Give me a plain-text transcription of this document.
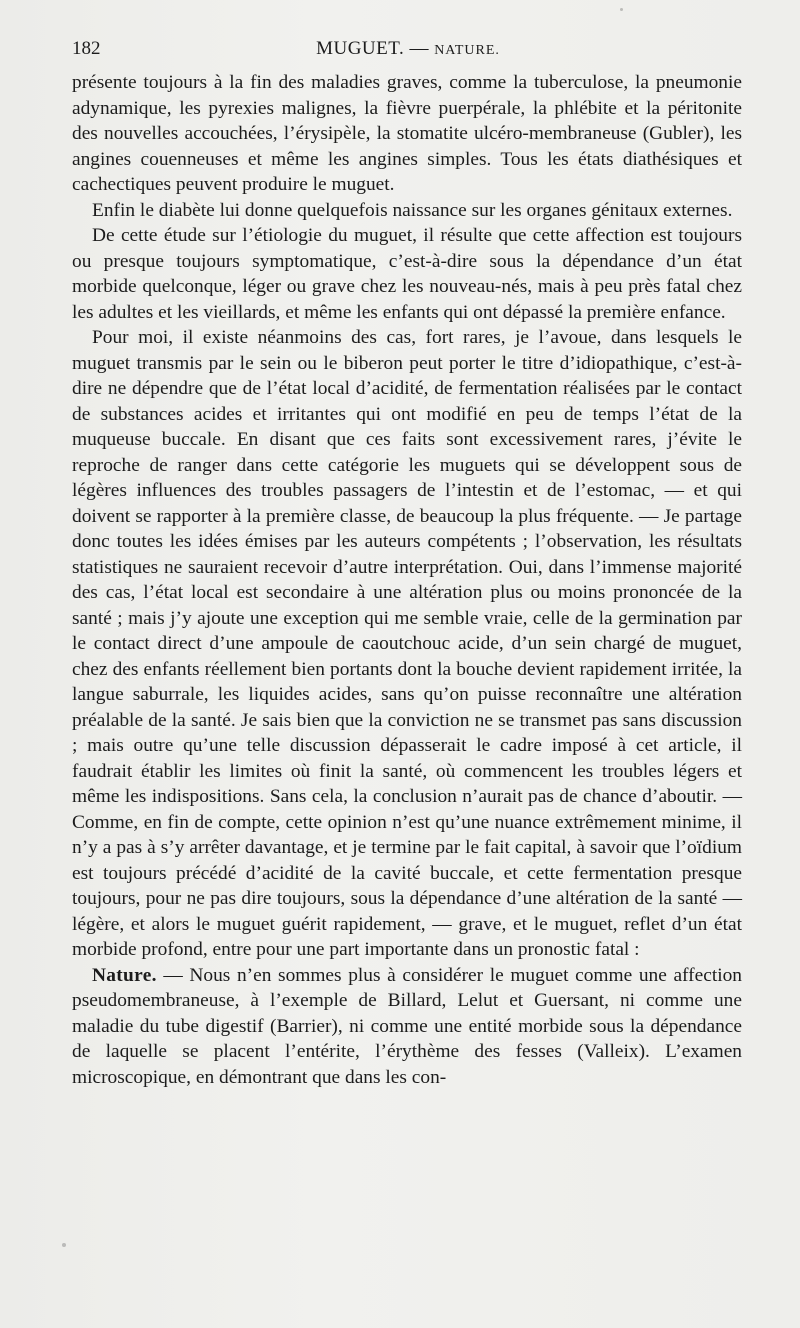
182	MUGUET. — NATURE.

présente toujours à la fin des maladies graves, comme la tuberculose, la pneumonie adynamique, les pyrexies malignes, la fièvre puerpérale, la phlébite et la péritonite des nouvelles accouchées, l’érysipèle, la stomatite ulcéro-membraneuse (Gubler), les angines couenneuses et même les angines simples. Tous les états diathésiques et cachectiques peuvent produire le muguet.

Enfin le diabète lui donne quelquefois naissance sur les organes génitaux externes.

De cette étude sur l’étiologie du muguet, il résulte que cette affection est toujours ou presque toujours symptomatique, c’est-à-dire sous la dépendance d’un état morbide quelconque, léger ou grave chez les nouveau-nés, mais à peu près fatal chez les adultes et les vieillards, et même les enfants qui ont dépassé la première enfance.

Pour moi, il existe néanmoins des cas, fort rares, je l’avoue, dans lesquels le muguet transmis par le sein ou le biberon peut porter le titre d’idiopathique, c’est-à-dire ne dépendre que de l’état local d’acidité, de fermentation réalisées par le contact de substances acides et irritantes qui ont modifié en peu de temps l’état de la muqueuse buccale. En disant que ces faits sont excessivement rares, j’évite le reproche de ranger dans cette catégorie les muguets qui se développent sous de légères influences des troubles passagers de l’intestin et de l’estomac, — et qui doivent se rapporter à la première classe, de beaucoup la plus fréquente. — Je partage donc toutes les idées émises par les auteurs compétents ; l’observation, les résultats statistiques ne sauraient recevoir d’autre interprétation. Oui, dans l’immense majorité des cas, l’état local est secondaire à une altération plus ou moins prononcée de la santé ; mais j’y ajoute une exception qui me semble vraie, celle de la germination par le contact direct d’une ampoule de caoutchouc acide, d’un sein chargé de muguet, chez des enfants réellement bien portants dont la bouche devient rapidement irritée, la langue saburrale, les liquides acides, sans qu’on puisse reconnaître une altération préalable de la santé. Je sais bien que la conviction ne se transmet pas sans discussion ; mais outre qu’une telle discussion dépasserait le cadre imposé à cet article, il faudrait établir les limites où finit la santé, où commencent les troubles légers et même les indispositions. Sans cela, la conclusion n’aurait pas de chance d’aboutir. — Comme, en fin de compte, cette opinion n’est qu’une nuance extrêmement minime, il n’y a pas à s’y arrêter davantage, et je termine par le fait capital, à savoir que l’oïdium est toujours précédé d’acidité de la cavité buccale, et cette fermentation presque toujours, pour ne pas dire toujours, sous la dépendance d’une altération de la santé — légère, et alors le muguet guérit rapidement, — grave, et le muguet, reflet d’un état morbide profond, entre pour une part importante dans un pronostic fatal :

Nature. — Nous n’en sommes plus à considérer le muguet comme une affection pseudomembraneuse, à l’exemple de Billard, Lelut et Guersant, ni comme une maladie du tube digestif (Barrier), ni comme une entité morbide sous la dépendance de laquelle se placent l’entérite, l’érythème des fesses (Valleix). L’examen microscopique, en démontrant que dans les con-
